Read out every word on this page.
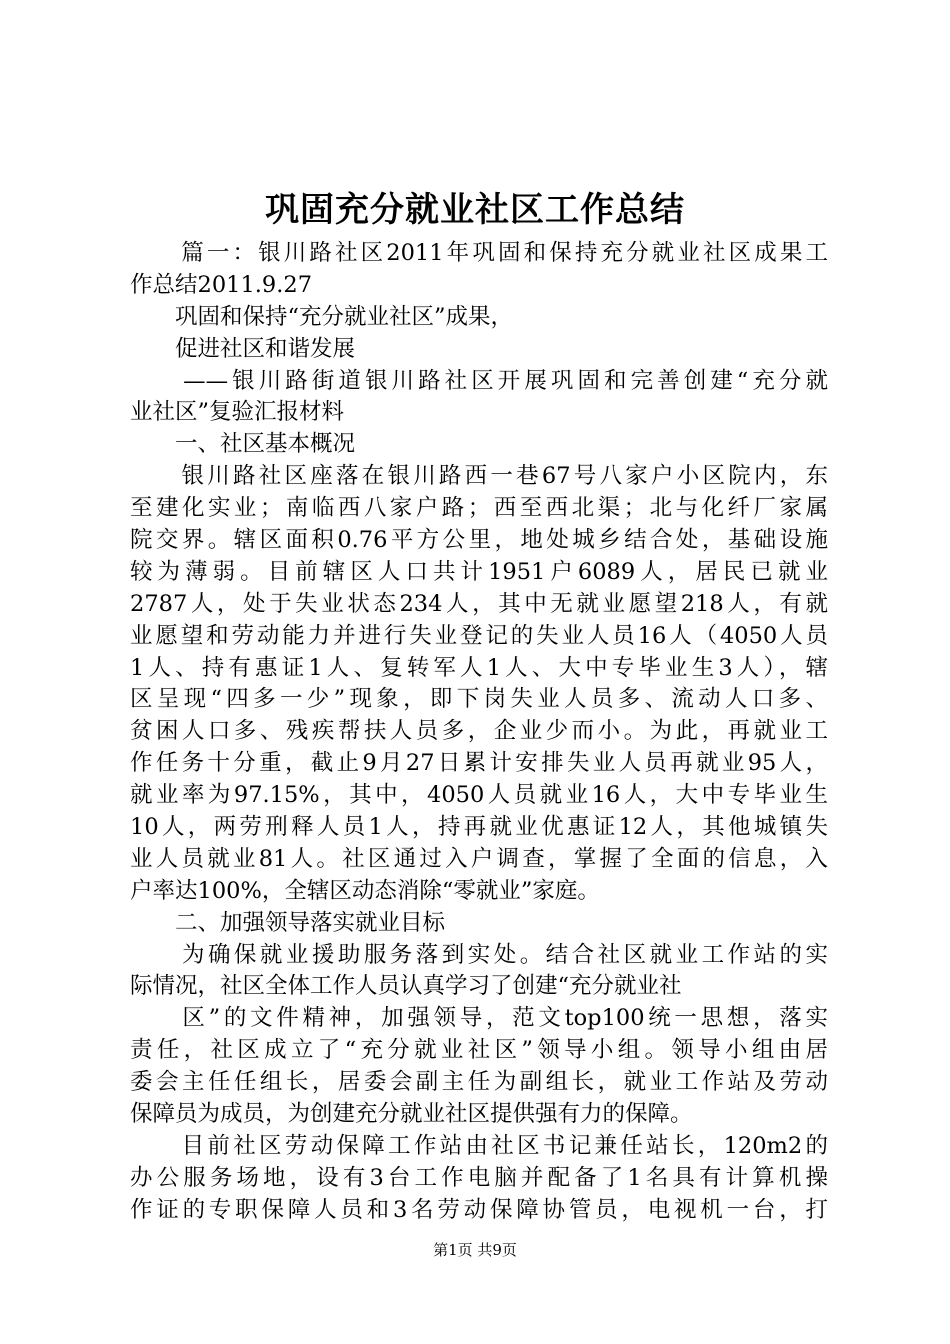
巩固充分就业社区工作总结
　　篇一：银川路社区2011年巩固和保持充分就业社区成果工
作总结2011.9.27
　　巩固和保持“充分就业社区”成果，
　　促进社区和谐发展
　　——银川路街道银川路社区开展巩固和完善创建“充分就
业社区”复验汇报材料
　　一、社区基本概况
　　银川路社区座落在银川路西一巷67号八家户小区院内，东
至建化实业；南临西八家户路；西至西北渠；北与化纤厂家属
院交界。辖区面积0.76平方公里，地处城乡结合处，基础设施
较为薄弱。目前辖区人口共计1951户6089人，居民已就业
2787人，处于失业状态234人，其中无就业愿望218人，有就
业愿望和劳动能力并进行失业登记的失业人员16人（4050人员
1人、持有惠证1人、复转军人1人、大中专毕业生3人），辖
区呈现“四多一少”现象，即下岗失业人员多、流动人口多、
贫困人口多、残疾帮扶人员多，企业少而小。为此，再就业工
作任务十分重，截止9月27日累计安排失业人员再就业95人，
就业率为97.15%，其中，4050人员就业16人，大中专毕业生
10人，两劳刑释人员1人，持再就业优惠证12人，其他城镇失
业人员就业81人。社区通过入户调查，掌握了全面的信息，入
户率达100%，全辖区动态消除“零就业”家庭。
　　二、加强领导落实就业目标
　　为确保就业援助服务落到实处。结合社区就业工作站的实
际情况，社区全体工作人员认真学习了创建“充分就业社
　　区”的文件精神，加强领导，范文top100统一思想，落实
责任，社区成立了“充分就业社区”领导小组。领导小组由居
委会主任任组长，居委会副主任为副组长，就业工作站及劳动
保障员为成员，为创建充分就业社区提供强有力的保障。
　　目前社区劳动保障工作站由社区书记兼任站长，120m2的
办公服务场地，设有3台工作电脑并配备了1名具有计算机操
作证的专职保障人员和3名劳动保障协管员，电视机一台，打
第1页 共9页
